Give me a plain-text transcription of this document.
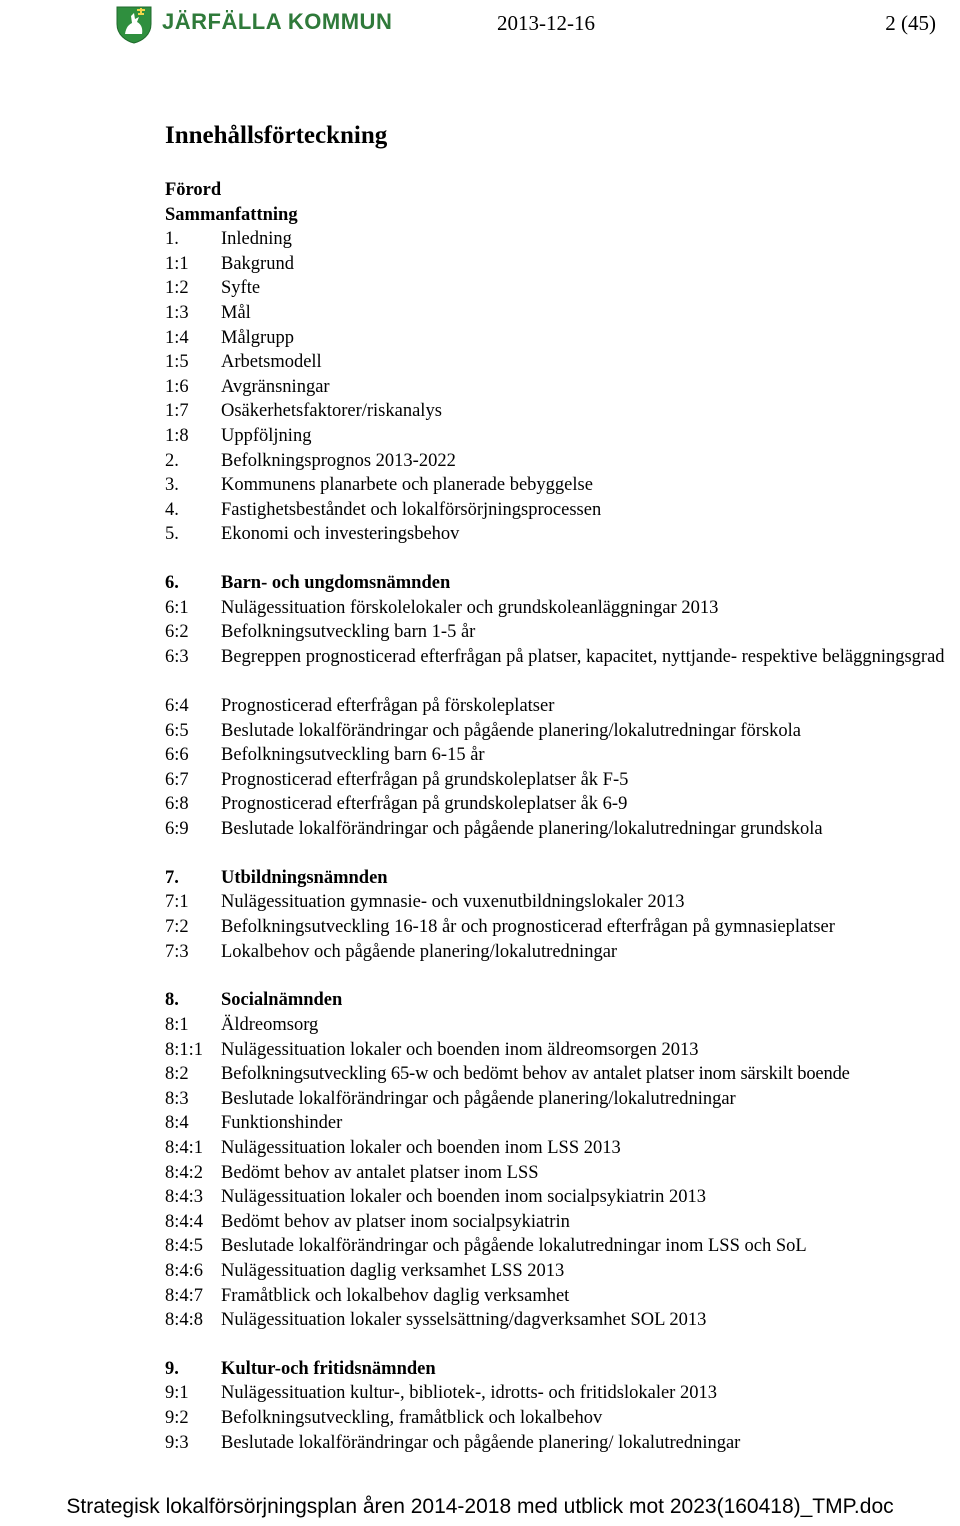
JÄRFÄLLA KOMMUN	2013-12-16	2 (45)
Innehållsförteckning
Förord
Sammanfattning
1. Inledning
1:1 Bakgrund
1:2 Syfte
1:3 Mål
1:4 Målgrupp
1:5 Arbetsmodell
1:6 Avgränsningar
1:7 Osäkerhetsfaktorer/riskanalys
1:8 Uppföljning
2. Befolkningsprognos 2013-2022
3. Kommunens planarbete och planerade bebyggelse
4. Fastighetsbeståndet och lokalförsörjningsprocessen
5. Ekonomi och investeringsbehov
6. Barn- och ungdomsnämnden
6:1 Nulägessituation förskolelokaler och grundskoleanläggningar 2013
6:2 Befolkningsutveckling barn 1-5 år
6:3 Begreppen prognosticerad efterfrågan på platser, kapacitet, nyttjande- respektive beläggningsgrad
6:4 Prognosticerad efterfrågan på förskoleplatser
6:5 Beslutade lokalförändringar och pågående planering/lokalutredningar förskola
6:6 Befolkningsutveckling barn 6-15 år
6:7 Prognosticerad efterfrågan på grundskoleplatser åk F-5
6:8 Prognosticerad efterfrågan på grundskoleplatser åk 6-9
6:9 Beslutade lokalförändringar och pågående planering/lokalutredningar grundskola
7. Utbildningsnämnden
7:1 Nulägessituation gymnasie- och vuxenutbildningslokaler 2013
7:2 Befolkningsutveckling 16-18 år och prognosticerad efterfrågan på gymnasieplatser
7:3 Lokalbehov och pågående planering/lokalutredningar
8. Socialnämnden
8:1 Äldreomsorg
8:1:1 Nulägessituation lokaler och boenden inom äldreomsorgen 2013
8:2 Befolkningsutveckling 65-w och bedömt behov av antalet platser inom särskilt boende
8:3 Beslutade lokalförändringar och pågående planering/lokalutredningar
8:4 Funktionshinder
8:4:1 Nulägessituation lokaler och boenden inom LSS 2013
8:4:2 Bedömt behov av antalet platser inom LSS
8:4:3 Nulägessituation lokaler och boenden inom socialpsykiatrin 2013
8:4:4 Bedömt behov av platser inom socialpsykiatrin
8:4:5 Beslutade lokalförändringar och pågående lokalutredningar inom LSS och SoL
8:4:6 Nulägessituation daglig verksamhet LSS 2013
8:4:7 Framåtblick och lokalbehov daglig verksamhet
8:4:8 Nulägessituation lokaler sysselsättning/dagverksamhet SOL 2013
9. Kultur-och fritidsnämnden
9:1 Nulägessituation kultur-, bibliotek-, idrotts- och fritidslokaler 2013
9:2 Befolkningsutveckling, framåtblick och lokalbehov
9:3 Beslutade lokalförändringar och pågående planering/ lokalutredningar
Strategisk lokalförsörjningsplan åren 2014-2018 med utblick mot 2023(160418)_TMP.doc
